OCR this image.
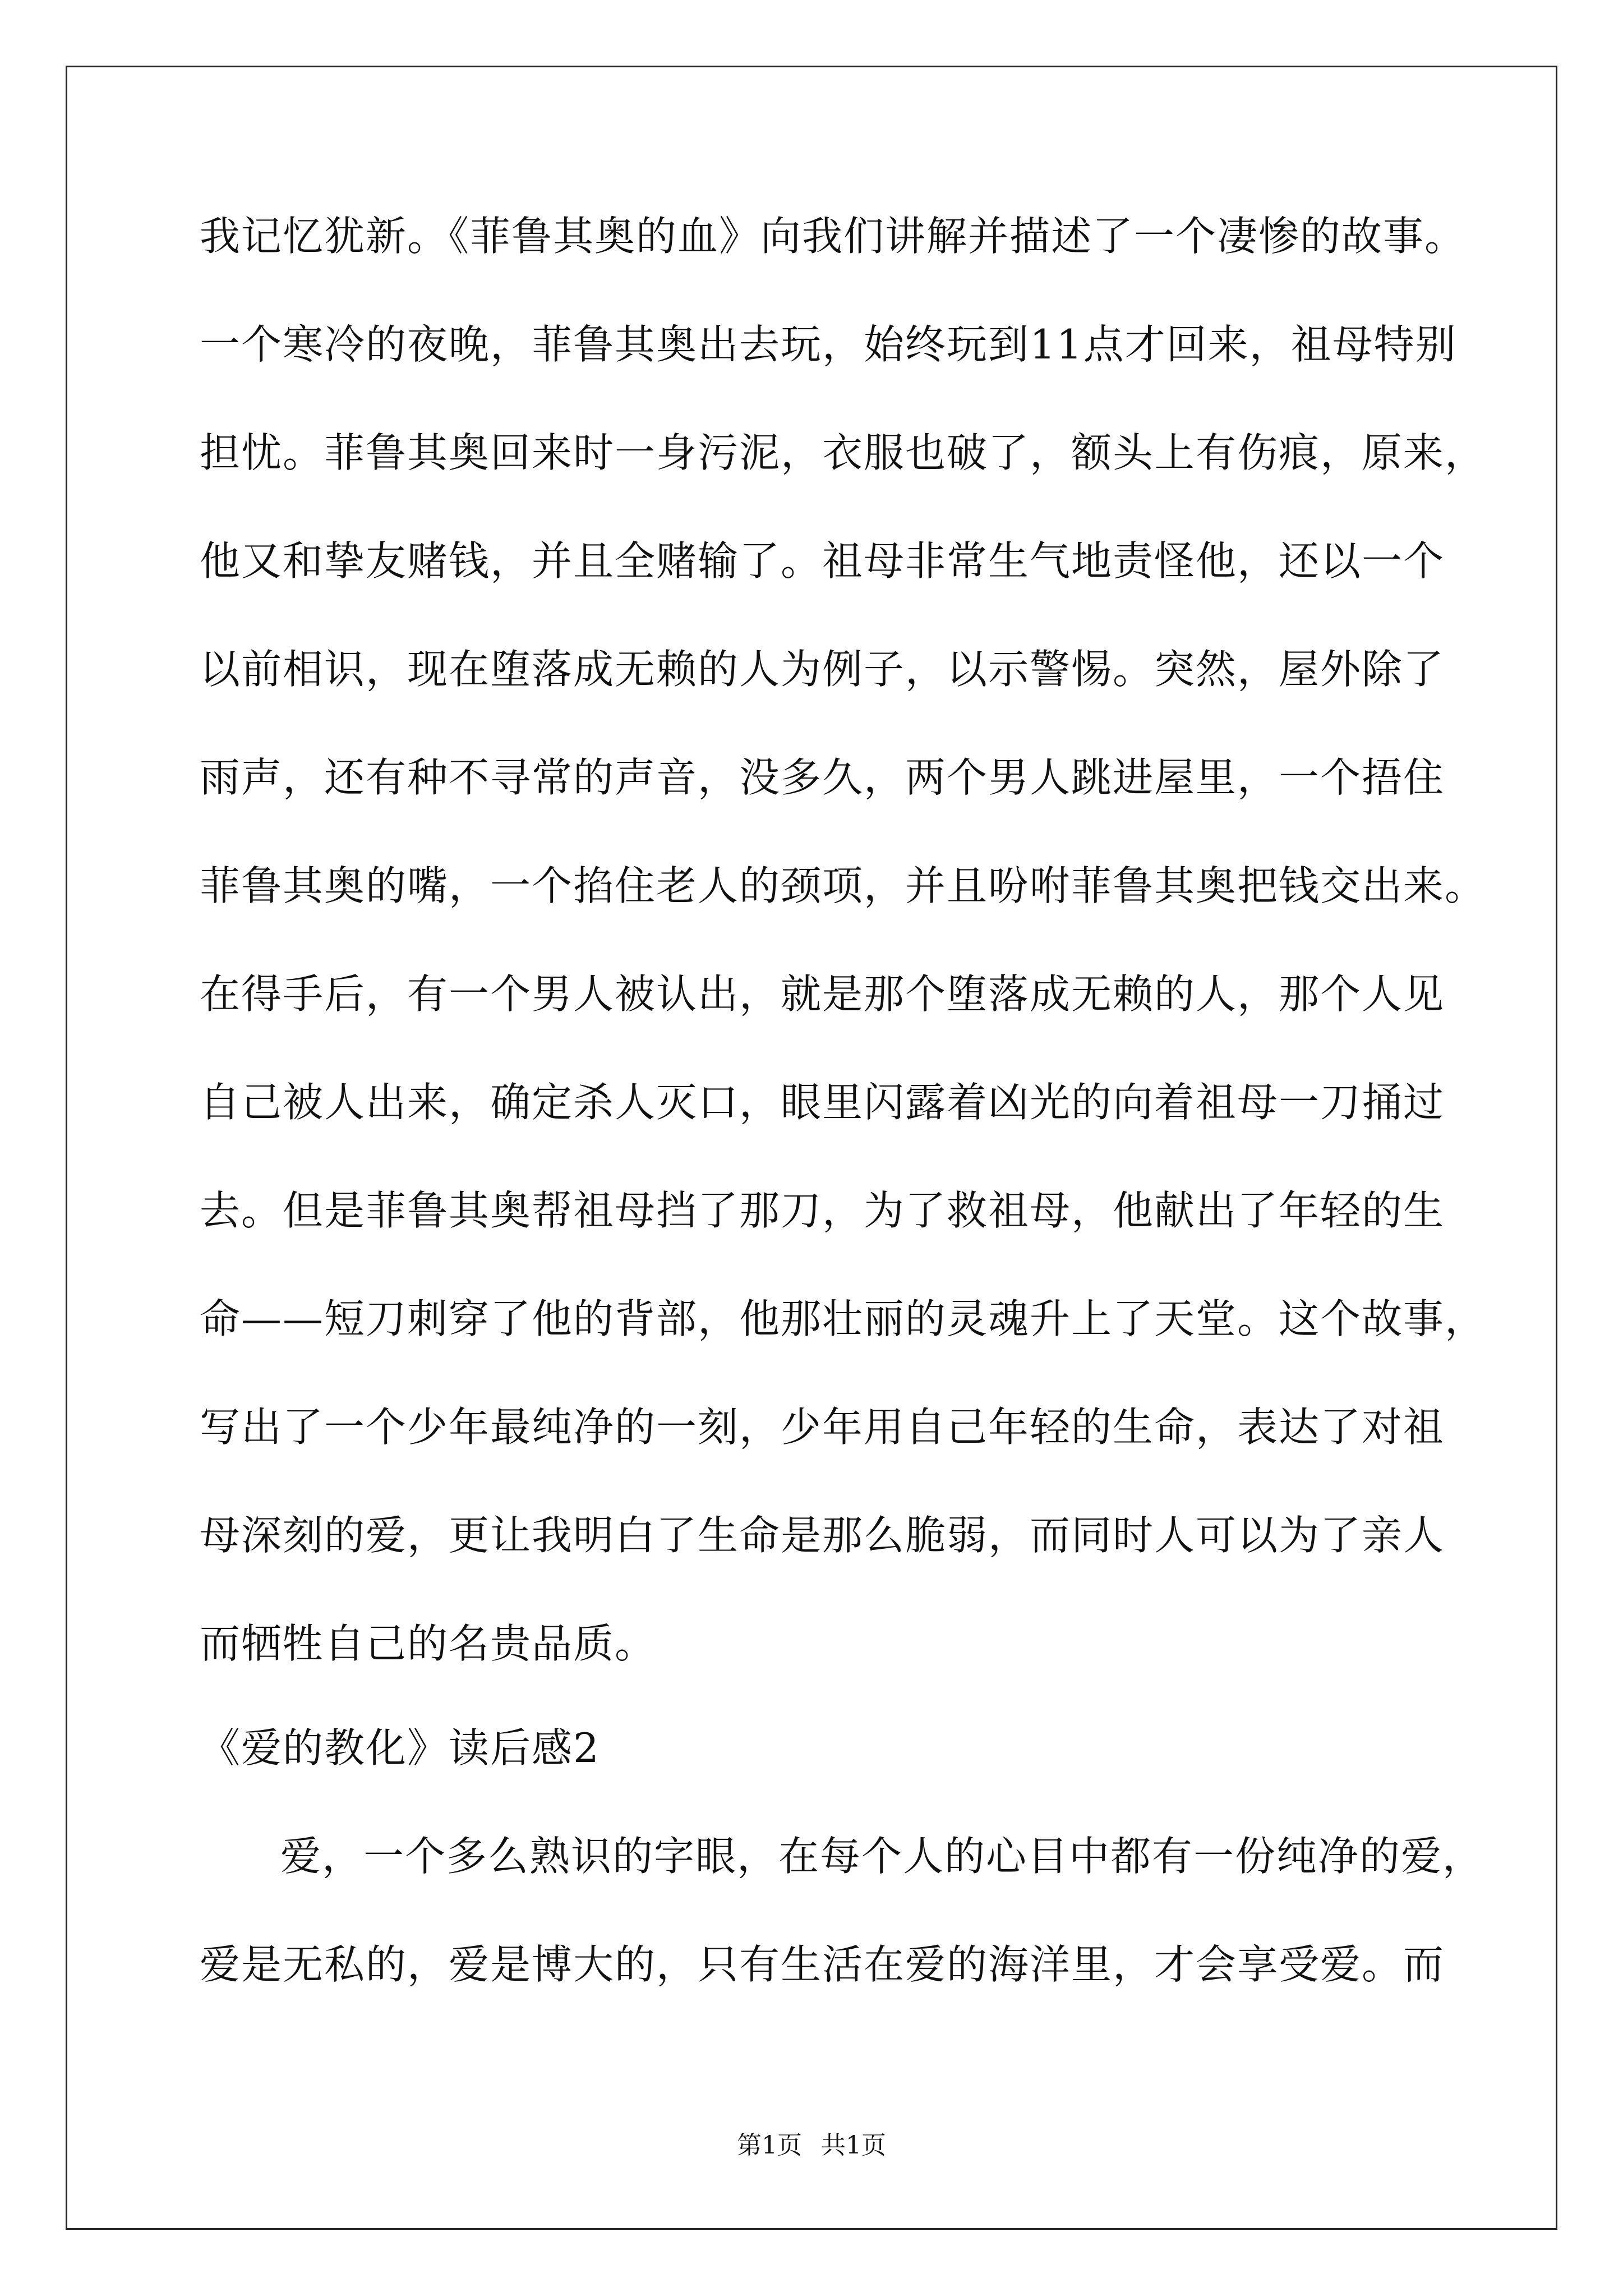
我记忆犹新。《菲鲁其奥的血》向我们讲解并描述了一个凄惨的故事。
一个寒冷的夜晚，菲鲁其奥出去玩，始终玩到11点才回来，祖母特别
担忧。菲鲁其奥回来时一身污泥，衣服也破了，额头上有伤痕，原来，
他又和挚友赌钱，并且全赌输了。祖母非常生气地责怪他，还以一个
以前相识，现在堕落成无赖的人为例子，以示警惕。突然，屋外除了
雨声，还有种不寻常的声音，没多久，两个男人跳进屋里，一个捂住
菲鲁其奥的嘴，一个掐住老人的颈项，并且吩咐菲鲁其奥把钱交出来。
在得手后，有一个男人被认出，就是那个堕落成无赖的人，那个人见
自己被人出来，确定杀人灭口，眼里闪露着凶光的向着祖母一刀捅过
去。但是菲鲁其奥帮祖母挡了那刀，为了救祖母，他献出了年轻的生
命——短刀刺穿了他的背部，他那壮丽的灵魂升上了天堂。这个故事，
写出了一个少年最纯净的一刻，少年用自己年轻的生命，表达了对祖
母深刻的爱，更让我明白了生命是那么脆弱，而同时人可以为了亲人
而牺牲自己的名贵品质。
《爱的教化》读后感2
爱，一个多么熟识的字眼，在每个人的心目中都有一份纯净的爱，
爱是无私的，爱是博大的，只有生活在爱的海洋里，才会享受爱。而
第1页 共1页
